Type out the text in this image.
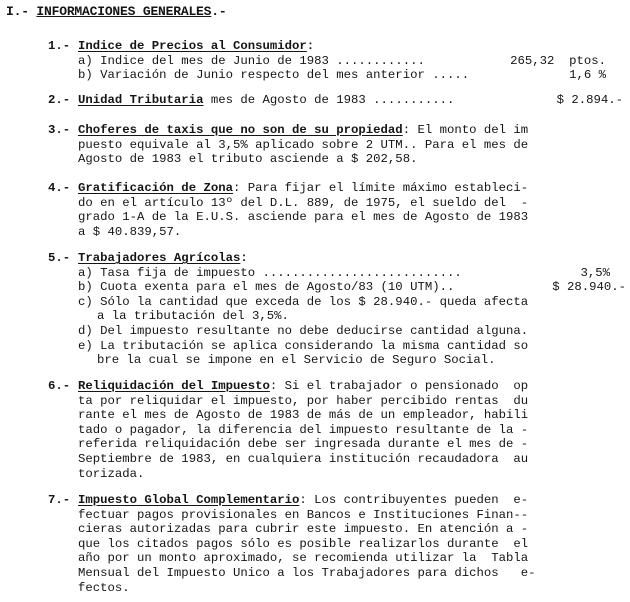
I.- INFORMACIONES GENERALES.-
1.- Indice de Precios al Consumidor:
a) Indice del mes de Junio de 1983 ............	265,32  ptos.
b) Variación de Junio respecto del mes anterior .....	1,6 %
2.- Unidad Tributaria mes de Agosto de 1983 ...........	$ 2.894.-
3.- Choferes de taxis que no son de su propiedad: El monto del im
puesto equivale al 3,5% aplicado sobre 2 UTM.. Para el mes de
Agosto de 1983 el tributo asciende a $ 202,58.
4.- Gratificación de Zona: Para fijar el límite máximo estableci-
do en el artículo 13º del D.L. 889, de 1975, el sueldo del  -
grado 1-A de la E.U.S. asciende para el mes de Agosto de 1983
a $ 40.839,57.
5.- Trabajadores Agrícolas:
a) Tasa fija de impuesto ...........................	3,5%
b) Cuota exenta para el mes de Agosto/83 (10 UTM)..	$ 28.940.-
c) Sólo la cantidad que exceda de los $ 28.940.- queda afecta
a la tributación del 3,5%.
d) Del impuesto resultante no debe deducirse cantidad alguna.
e) La tributación se aplica considerando la misma cantidad so
bre la cual se impone en el Servicio de Seguro Social.
6.- Reliquidación del Impuesto: Si el trabajador o pensionado  op
ta por reliquidar el impuesto, por haber percibido rentas  du
rante el mes de Agosto de 1983 de más de un empleador, habili
tado o pagador, la diferencia del impuesto resultante de la -
referida reliquidación debe ser ingresada durante el mes de -
Septiembre de 1983, en cualquiera institución recaudadora  au
torizada.
7.- Impuesto Global Complementario: Los contribuyentes pueden  e-
fectuar pagos provisionales en Bancos e Instituciones Finan--
cieras autorizadas para cubrir este impuesto. En atención a -
que los citados pagos sólo es posible realizarlos durante  el
año por un monto aproximado, se recomienda utilizar la  Tabla
Mensual del Impuesto Unico a los Trabajadores para dichos   e-
fectos.
